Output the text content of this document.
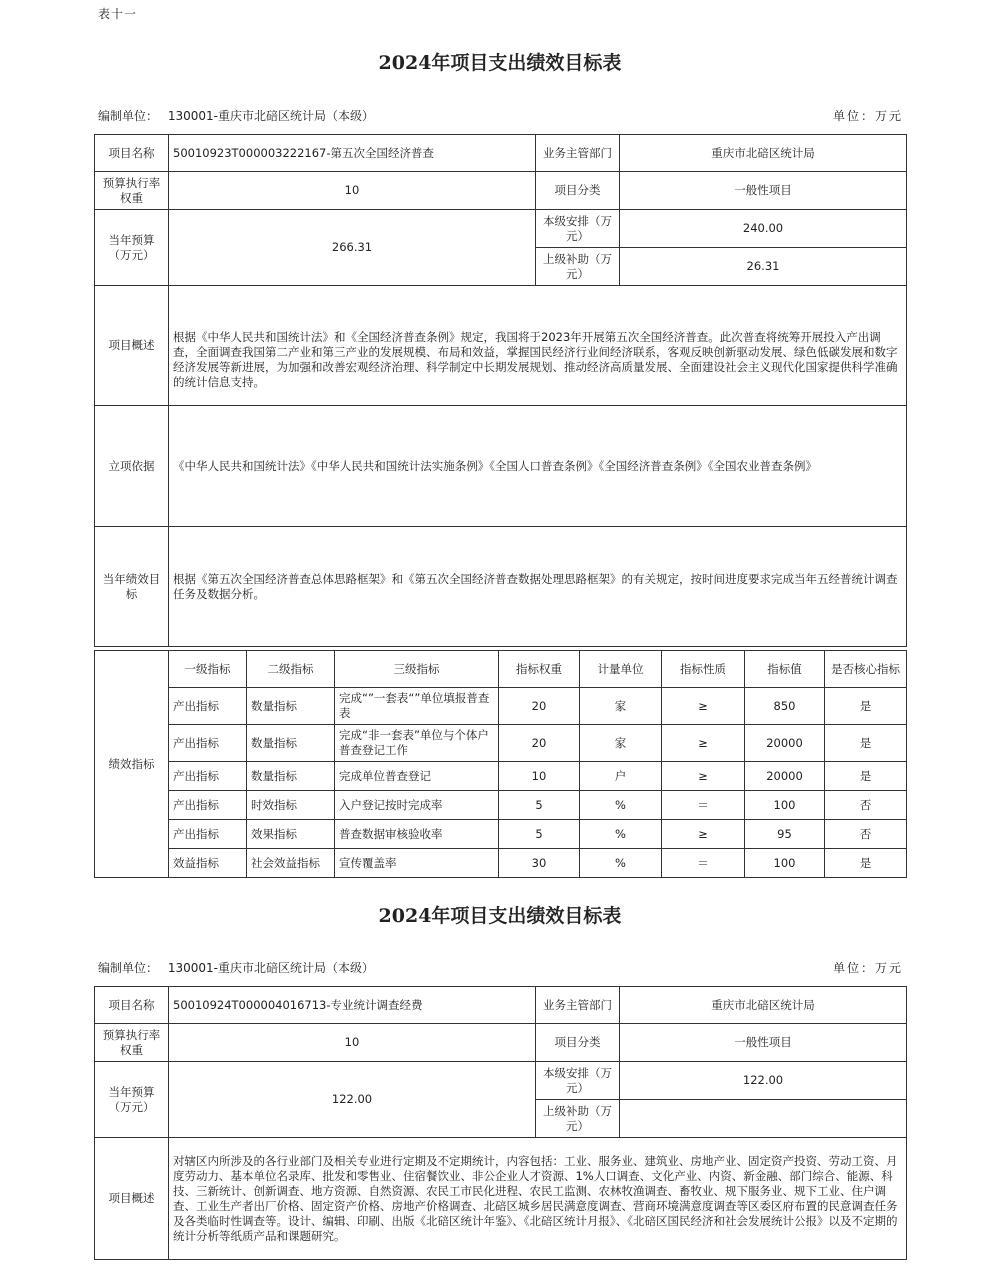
表十一
2024年项目支出绩效目标表
编制单位： 130001-重庆市北碚区统计局（本级）	单位：万元
项目名称	50010923T000003222167-第五次全国经济普查	业务主管部门	重庆市北碚区统计局
预算执行率权重	10	项目分类	一般性项目
当年预算（万元）	266.31	本级安排（万元）	240.00
		上级补助（万元）	26.31
项目概述	根据《中华人民共和国统计法》和《全国经济普查条例》规定，我国将于2023年开展第五次全国经济普查。此次普查将统筹开展投入产出调查，全面调查我国第二产业和第三产业的发展规模、布局和效益，掌握国民经济行业间经济联系，客观反映创新驱动发展、绿色低碳发展和数字经济发展等新进展，为加强和改善宏观经济治理、科学制定中长期发展规划、推动经济高质量发展、全面建设社会主义现代化国家提供科学准确的统计信息支持。		
立项依据	《中华人民共和国统计法》《中华人民共和国统计法实施条例》《全国人口普查条例》《全国经济普查条例》《全国农业普查条例》		
当年绩效目标	根据《第五次全国经济普查总体思路框架》和《第五次全国经济普查数据处理思路框架》的有关规定，按时间进度要求完成当年五经普统计调查任务及数据分析。		
绩效指标	一级指标	二级指标	三级指标	指标权重	计量单位	指标性质	指标值	是否核心指标
	产出指标	数量指标	完成“”一套表“”单位填报普查表	20	家	≥	850	是
	产出指标	数量指标	完成“非一套表”单位与个体户普查登记工作	20	家	≥	20000	是
	产出指标	数量指标	完成单位普查登记	10	户	≥	20000	是
	产出指标	时效指标	入户登记按时完成率	5	%	＝	100	否
	产出指标	效果指标	普查数据审核验收率	5	%	≥	95	否
	效益指标	社会效益指标	宣传覆盖率	30	%	＝	100	是
2024年项目支出绩效目标表
编制单位： 130001-重庆市北碚区统计局（本级）	单位：万元
项目名称	50010924T000004016713-专业统计调查经费	业务主管部门	重庆市北碚区统计局
预算执行率权重	10	项目分类	一般性项目
当年预算（万元）	122.00	本级安排（万元）	122.00
		上级补助（万元）	
项目概述	对辖区内所涉及的各行业部门及相关专业进行定期及不定期统计，内容包括：工业、服务业、建筑业、房地产业、固定资产投资、劳动工资、月度劳动力、基本单位名录库、批发和零售业、住宿餐饮业、非公企业人才资源、1%人口调查、文化产业、内资、新金融、部门综合、能源、科技、三新统计、创新调查、地方资源、自然资源、农民工市民化进程、农民工监测、农林牧渔调查、畜牧业、规下服务业、规下工业、住户调查、工业生产者出厂价格、固定资产价格、房地产价格调查、北碚区城乡居民满意度调查、营商环境满意度调查等区委区府布置的民意调查任务及各类临时性调查等。设计、编辑、印刷、出版《北碚区统计年鉴》、《北碚区统计月报》、《北碚区国民经济和社会发展统计公报》以及不定期的统计分析等纸质产品和课题研究。		
